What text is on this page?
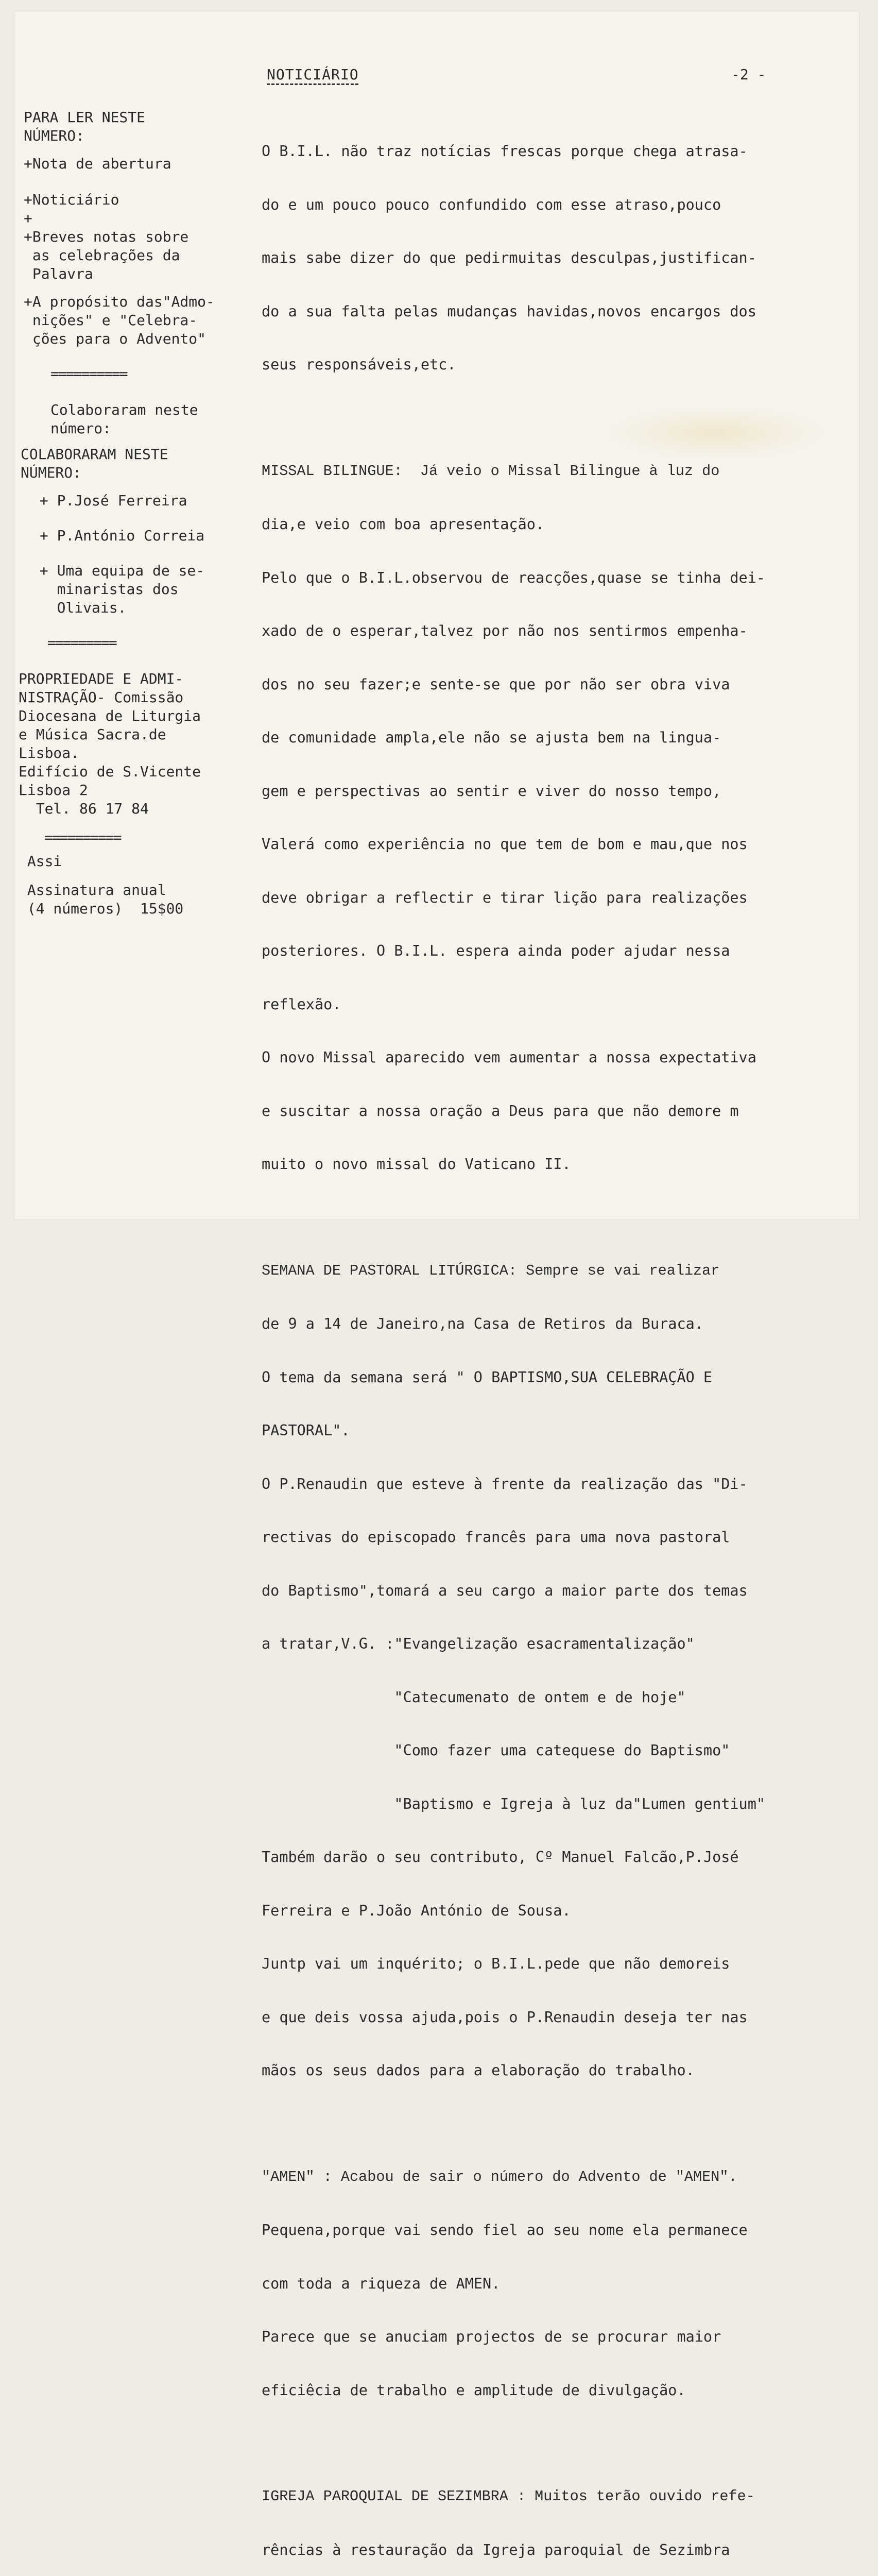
NOTICIÁRIO	-2 -
PARA LER NESTE
NÚMERO:
+Nota de abertura
+Noticiário
+
+Breves notas sobre
as celebrações da
Palavra
+A propósito das"Admo-
nições" e "Celebra-
ções para o Advento"
==========
Colaboraram neste
número:
COLABORARAM NESTE
NÚMERO:
+ P.José Ferreira
+ P.António Correia
+ Uma equipa de se-
minaristas dos
Olivais.
=========
PROPRIEDADE E ADMI-
NISTRAÇÃO- Comissão
Diocesana de Liturgia
e Música Sacra.de
Lisboa.
Edifício de S.Vicente
Lisboa 2
Tel. 86 17 84
==========
Assi
Assinatura anual
(4 números)  15$00

O B.I.L. não traz notícias frescas porque chega atrasa-

do e um pouco pouco confundido com esse atraso,pouco

mais sabe dizer do que pedirmuitas desculpas,justifican-

do a sua falta pelas mudanças havidas,novos encargos dos

seus responsáveis,etc.

MISSAL BILINGUE:  Já veio o Missal Bilingue à luz do

dia,e veio com boa apresentação.

Pelo que o B.I.L.observou de reacções,quase se tinha dei-

xado de o esperar,talvez por não nos sentirmos empenha-

dos no seu fazer;e sente-se que por não ser obra viva

de comunidade ampla,ele não se ajusta bem na lingua-

gem e perspectivas ao sentir e viver do nosso tempo,

Valerá como experiência no que tem de bom e mau,que nos

deve obrigar a reflectir e tirar lição para realizações

posteriores. O B.I.L. espera ainda poder ajudar nessa

reflexão.

O novo Missal aparecido vem aumentar a nossa expectativa

e suscitar a nossa oração a Deus para que não demore m

muito o novo missal do Vaticano II.

SEMANA DE PASTORAL LITÚRGICA: Sempre se vai realizar

de 9 a 14 de Janeiro,na Casa de Retiros da Buraca.

O tema da semana será " O BAPTISMO,SUA CELEBRAÇÃO E

PASTORAL".

O P.Renaudin que esteve à frente da realização das "Di-

rectivas do episcopado francês para uma nova pastoral

do Baptismo",tomará a seu cargo a maior parte dos temas

a tratar,V.G. :"Evangelização esacramentalização"

"Catecumenato de ontem e de hoje"

"Como fazer uma catequese do Baptismo"

"Baptismo e Igreja à luz da"Lumen gentium"

Também darão o seu contributo, Cº Manuel Falcão,P.José

Ferreira e P.João António de Sousa.

Juntp vai um inquérito; o B.I.L.pede que não demoreis

e que deis vossa ajuda,pois o P.Renaudin deseja ter nas

mãos os seus dados para a elaboração do trabalho.

"AMEN" : Acabou de sair o número do Advento de "AMEN".

Pequena,porque vai sendo fiel ao seu nome ela permanece

com toda a riqueza de AMEN.

Parece que se anuciam projectos de se procurar maior

eficiêcia de trabalho e amplitude de divulgação.

IGREJA PAROQUIAL DE SEZIMBRA : Muitos terão ouvido refe-

rências à restauração da Igreja paroquial de Sezimbra
